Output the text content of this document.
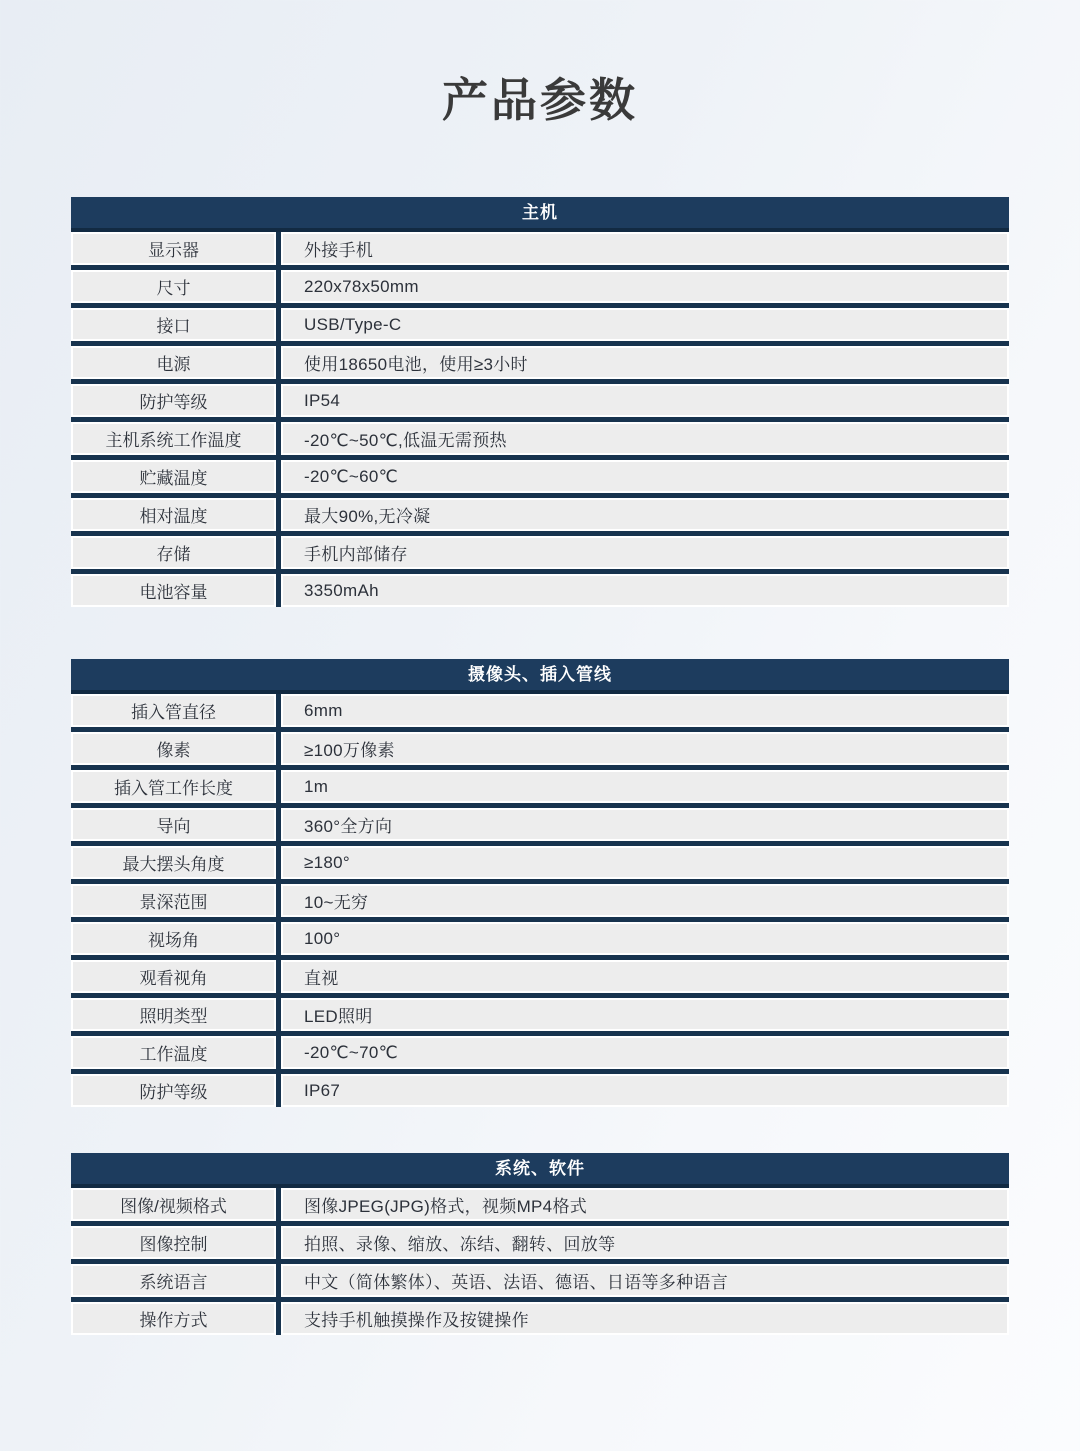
产品参数
主机
显示器	外接手机
尺寸	220x78x50mm
接口	USB/Type-C
电源	使用18650电池，使用≥3小时
防护等级	IP54
主机系统工作温度	-20℃~50℃,低温无需预热
贮藏温度	-20℃~60℃
相对温度	最大90%,无冷凝
存储	手机内部储存
电池容量	3350mAh
摄像头、插入管线
插入管直径	6mm
像素	≥100万像素
插入管工作长度	1m
导向	360°全方向
最大摆头角度	≥180°
景深范围	10~无穷
视场角	100°
观看视角	直视
照明类型	LED照明
工作温度	-20℃~70℃
防护等级	IP67
系统、软件
图像/视频格式	图像JPEG(JPG)格式，视频MP4格式
图像控制	拍照、录像、缩放、冻结、翻转、回放等
系统语言	中文（简体繁体）、英语、法语、德语、日语等多种语言
操作方式	支持手机触摸操作及按键操作
